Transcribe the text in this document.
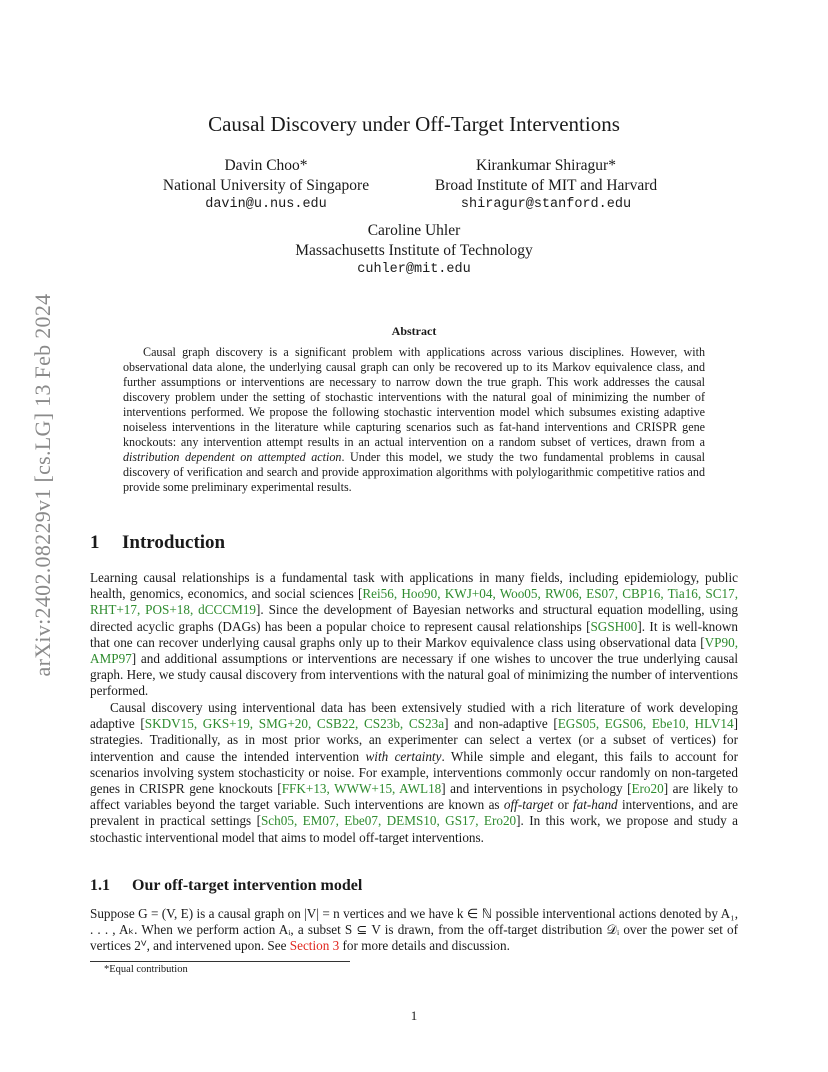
arXiv:2402.08229v1 [cs.LG] 13 Feb 2024
Causal Discovery under Off-Target Interventions
Davin Choo*
National University of Singapore
davin@u.nus.edu
Kirankumar Shiragur*
Broad Institute of MIT and Harvard
shiragur@stanford.edu
Caroline Uhler
Massachusetts Institute of Technology
cuhler@mit.edu
Abstract

Causal graph discovery is a significant problem with applications across various disciplines. However, with observational data alone, the underlying causal graph can only be recovered up to its Markov equivalence class, and further assumptions or interventions are necessary to narrow down the true graph. This work addresses the causal discovery problem under the setting of stochastic interventions with the natural goal of minimizing the number of interventions performed. We propose the following stochastic intervention model which subsumes existing adaptive noiseless interventions in the literature while capturing scenarios such as fat-hand interventions and CRISPR gene knockouts: any intervention attempt results in an actual intervention on a random subset of vertices, drawn from a distribution dependent on attempted action. Under this model, we study the two fundamental problems in causal discovery of verification and search and provide approximation algorithms with polylogarithmic competitive ratios and provide some preliminary experimental results.

1 Introduction

Learning causal relationships is a fundamental task with applications in many fields, including epidemiology, public health, genomics, economics, and social sciences [Rei56, Hoo90, KWJ+04, Woo05, RW06, ES07, CBP16, Tia16, SC17, RHT+17, POS+18, dCCCM19]. Since the development of Bayesian networks and structural equation modelling, using directed acyclic graphs (DAGs) has been a popular choice to represent causal relationships [SGSH00]. It is well-known that one can recover underlying causal graphs only up to their Markov equivalence class using observational data [VP90, AMP97] and additional assumptions or interventions are necessary if one wishes to uncover the true underlying causal graph. Here, we study causal discovery from interventions with the natural goal of minimizing the number of interventions performed.

Causal discovery using interventional data has been extensively studied with a rich literature of work developing adaptive [SKDV15, GKS+19, SMG+20, CSB22, CS23b, CS23a] and non-adaptive [EGS05, EGS06, Ebe10, HLV14] strategies. Traditionally, as in most prior works, an experimenter can select a vertex (or a subset of vertices) for intervention and cause the intended intervention with certainty. While simple and elegant, this fails to account for scenarios involving system stochasticity or noise. For example, interventions commonly occur randomly on non-targeted genes in CRISPR gene knockouts [FFK+13, WWW+15, AWL18] and interventions in psychology [Ero20] are likely to affect variables beyond the target variable. Such interventions are known as off-target or fat-hand interventions, and are prevalent in practical settings [Sch05, EM07, Ebe07, DEMS10, GS17, Ero20]. In this work, we propose and study a stochastic interventional model that aims to model off-target interventions.

1.1 Our off-target intervention model

Suppose G = (V, E) is a causal graph on |V| = n vertices and we have k ∈ ℕ possible interventional actions denoted by A₁, . . . , Aₖ. When we perform action Aᵢ, a subset S ⊆ V is drawn, from the off-target distribution 𝒟ᵢ over the power set of vertices 2ⱽ, and intervened upon. See Section 3 for more details and discussion.

*Equal contribution
1
